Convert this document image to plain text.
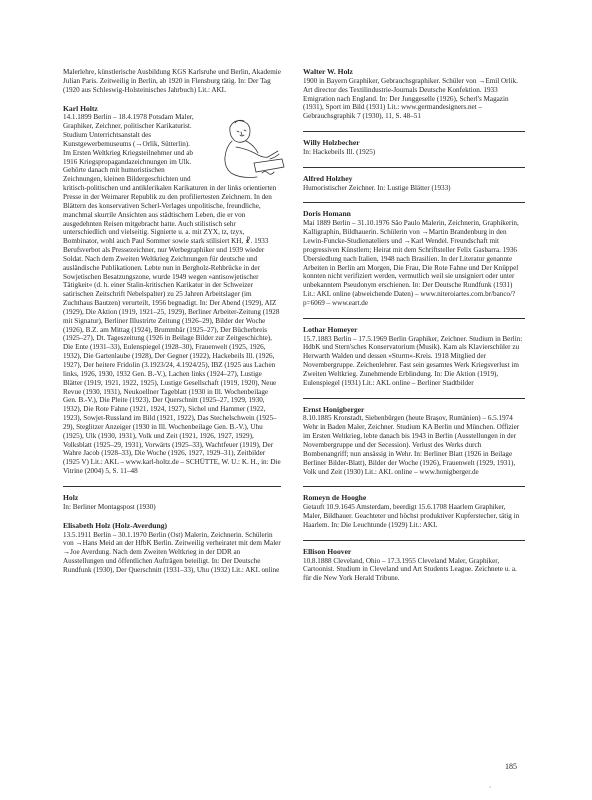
Malerlehre, künstlerische Ausbildung KGS Karlsruhe und Berlin, Akademie Julian Paris. Zeitweilig in Berlin, ab 1920 in Flensburg tätig. In: Der Tag (1920 aus Schleswig-Holsteinisches Jahrbuch) Lit.: AKL

Karl Holtz

14.1.1899 Berlin – 18.4.1978 Potsdam Maler, Graphiker, Zeichner, politischer Karikaturist. Studium Unterrichtsanstalt des Kunstgewerbemuseums (→Orlik, Sütterlin). Im Ersten Weltkrieg Kriegsteilnehmer und ab 1916 Kriegspropagandazeichnungen im Ulk. Gehörte danach mit humoristischen Zeichnungen, kleinen Bildergeschichten und kritisch-politischen und antiklerikalen Karikaturen in der links orientierten Presse in der Weimarer Republik zu den profiliertesten Zeichnern. In den Blättern des konservativen Scherl-Verlages unpolitische, freundliche, manchmal skurrile Ansichten aus städtischem Leben, die er von ausgedehnten Reisen mitgebracht hatte. Auch stilistisch sehr unterschiedlich und vielseitig. Signierte u. a. mit ZYX, tz, tzyx, Bombinator, wohl auch Paul Sommer sowie stark stilisiert KH, ☧. 1933 Berufsverbot als Pressezeichner, nur Werbegraphiker und 1939 wieder Soldat. Nach dem Zweiten Weltkrieg Zeichnungen für deutsche und ausländische Publikationen. Lebte nun in Bergholz-Rehbrücke in der Sowjetischen Besatzungszone, wurde 1949 wegen »antisowjetischer Tätigkeit« (d. h. einer Stalin-kritischen Karikatur in der Schweizer satirischen Zeitschrift Nebelspalter) zu 25 Jahren Arbeitslager (im Zuchthaus Bautzen) verurteilt, 1956 begnadigt. In: Der Abend (1929), AIZ (1929), Die Aktion (1919, 1921–25, 1929), Berliner Arbeiter-Zeitung (1928 mit Signatur), Berliner Illustrirte Zeitung (1926–29), Bilder der Woche (1926), B.Z. am Mittag (1924), Brummbär (1925–27), Der Bücherbreis (1925–27), Dt. Tageszeitung (1926 in Beilage Bilder zur Zeitgeschichte), Die Ente (1931–33), Eulenspiegel (1928–30), Frauenwelt (1925, 1926, 1932), Die Gartenlaube (1928), Der Gegner (1922), Hackebeils Ill. (1926, 1927), Der heitere Fridolin (3.1923/24, 4.1924/25), IBZ (1925 aus Lachen links, 1926, 1930, 1932 Gen. B.-V.), Lachen links (1924–27), Lustige Blätter (1919, 1921, 1922, 1925), Lustige Gesellschaft (1919, 1920), Neue Revue (1930, 1931), Neukoellner Tageblatt (1930 in Ill. Wochenbeilage Gen. B.-V.), Die Pleite (1923), Der Querschnitt (1925–27, 1929, 1930, 1932), Die Rote Fahne (1921, 1924, 1927), Sichel und Hammer (1922, 1923), Sowjet-Russland im Bild (1921, 1922), Das Stechelschwein (1925–29), Steglitzer Anzeiger (1930 in Ill. Wochenbeilage Gen. B.-V.), Uhu (1925), Ulk (1930, 1931), Volk und Zeit (1921, 1926, 1927, 1929), Volksblatt (1925–29, 1931), Vorwärts (1925–33), Wachtfeuer (1919), Der Wahre Jacob (1928–33), Die Woche (1926, 1927, 1929–31), Zeitbilder (1925 V) Lit.: AKL – www.karl-holtz.de – SCHÜTTE, W. U.: K. H., in: Die Vitrine (2004) 5, S. 11–48

Holz

In: Berliner Montagspost (1930)

Elisabeth Holz (Holz-Averdung)

13.5.1911 Berlin – 30.1.1970 Berlin (Ost) Malerin, Zeichnerin. Schülerin von →Hans Meid an der HfbK Berlin. Zeitweilig verheiratet mit dem Maler →Joe Averdung. Nach dem Zweiten Weltkrieg in der DDR an Ausstellungen und öffentlichen Aufträgen beteiligt. In: Der Deutsche Rundfunk (1930), Der Querschnitt (1931–33), Uhu (1932) Lit.: AKL online

Walter W. Holz

1900 in Bayern Graphiker, Gebrauchsgraphiker. Schüler von →Emil Orlik. Art director des Textilindustrie-Journals Deutsche Konfektion. 1933 Emigration nach England. In: Der Junggeselle (1926), Scherl's Magazin (1931), Sport im Bild (1931) Lit.: www.germandesigners.net – Gebrauchsgraphik 7 (1930), 11, S. 48–51

Willy Holzbecher

In: Hackebeils Ill. (1925)

Alfred Holzhey

Humoristischer Zeichner. In: Lustige Blätter (1933)

Doris Homann

Mai 1889 Berlin – 31.10.1976 São Paulo Malerin, Zeichnerin, Graphikerin, Kalligraphin, Bildhauerin. Schülerin von →Martin Brandenburg in den Lewin-Funcke-Studienateliers und →Karl Wendel. Freundschaft mit progressiven Künstlern; Heirat mit dem Schriftsteller Felix Gasbarra. 1936 Übersiedlung nach Italien, 1948 nach Brasilien. In der Literatur genannte Arbeiten in Berlin am Morgen, Die Frau, Die Rote Fahne und Der Knüppel konnten nicht verifiziert werden, vermutlich weil sie unsigniert oder unter unbekanntem Pseudonym erschienen. In: Der Deutsche Rundfunk (1931) Lit.: AKL online (abweichende Daten) – www.niteroiartes.com.br/banco/?p=6069 – www.eart.de

Lothar Homeyer

15.7.1883 Berlin – 17.5.1969 Berlin Graphiker, Zeichner. Studium in Berlin: HdbK und Stern'sches Konservatorium (Musik). Kam als Klavierschüler zu Herwarth Walden und dessen »Sturm«-Kreis. 1918 Mitglied der Novembergruppe. Zeichenlehrer. Fast sein gesamtes Werk Kriegsverlust im Zweiten Weltkrieg. Zunehmende Erblindung. In: Die Aktion (1919), Eulenspiegel (1931) Lit.: AKL online – Berliner Stadtbilder

Ernst Honigberger

8.10.1885 Kronstadt, Siebenbürgen (heute Braşov, Rumänien) – 6.5.1974 Wehr in Baden Maler, Zeichner. Studium KA Berlin und München. Offizier im Ersten Weltkrieg, lebte danach bis 1943 in Berlin (Ausstellungen in der Novembergruppe und der Secession). Verlust des Werks durch Bombenangriff; nun ansässig in Wehr. In: Berliner Blatt (1926 in Beilage Berliner Bilder-Blatt), Bilder der Woche (1926), Frauenwelt (1929, 1931), Volk und Zeit (1930) Lit.: AKL online – www.honigberger.de

Romeyn de Hooghe

Getauft 10.9.1645 Amsterdam, beerdigt 15.6.1708 Haarlem Graphiker, Maler, Bildhauer. Geachteter und höchst produktiver Kupferstecher, tätig in Haarlem. In: Die Leuchtunde (1929) Lit.: AKL

Ellison Hoover

10.8.1888 Cleveland, Ohio – 17.3.1955 Cleveland Maler, Graphiker, Cartoonist. Studium in Cleveland und Art Students League. Zeichnete u. a. für die New York Herald Tribune.

185
ˆ
